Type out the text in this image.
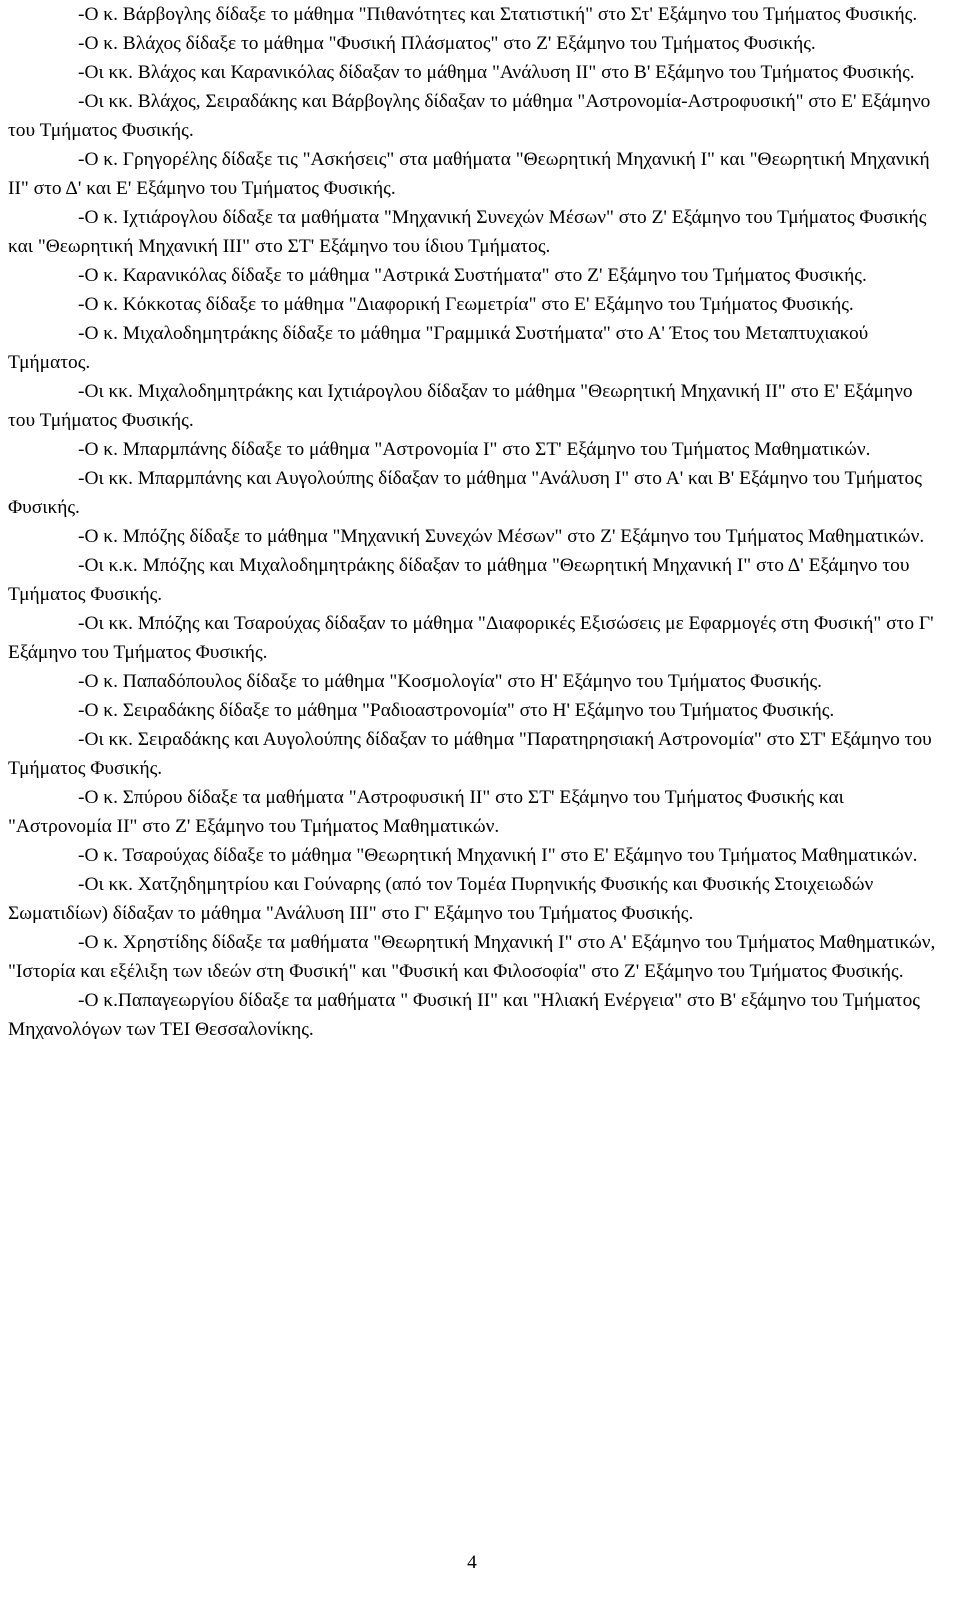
-Ο κ. Βάρβογλης δίδαξε το μάθημα "Πιθανότητες και Στατιστική" στο Στ' Εξάμηνο του Τμήματος Φυσικής.

-Ο κ. Βλάχος δίδαξε το μάθημα "Φυσική Πλάσματος" στο Ζ' Εξάμηνο του Τμήματος Φυσικής.

-Οι κκ. Βλάχος και Καρανικόλας δίδαξαν το μάθημα "Ανάλυση ΙΙ" στο Β' Εξάμηνο του Τμήματος Φυσικής.

-Οι κκ. Βλάχος, Σειραδάκης και Βάρβογλης δίδαξαν το μάθημα "Αστρονομία-Αστροφυσική" στο Ε' Εξάμηνο του Τμήματος Φυσικής.

-Ο κ. Γρηγορέλης δίδαξε τις "Ασκήσεις" στα μαθήματα "Θεωρητική Μηχανική Ι" και "Θεωρητική Μηχανική ΙΙ" στο Δ' και Ε' Εξάμηνο του Τμήματος Φυσικής.

-Ο κ. Ιχτιάρογλου δίδαξε τα μαθήματα "Μηχανική Συνεχών Μέσων" στο Ζ' Εξάμηνο του Τμήματος Φυσικής και "Θεωρητική Μηχανική ΙΙΙ" στο ΣΤ' Εξάμηνο του ίδιου Τμήματος.

-Ο κ. Καρανικόλας δίδαξε το μάθημα "Αστρικά Συστήματα" στο Ζ' Εξάμηνο του Τμήματος Φυσικής.

-Ο κ. Κόκκοτας δίδαξε το μάθημα "Διαφορική Γεωμετρία" στο Ε' Εξάμηνο του Τμήματος Φυσικής.

-Ο κ. Μιχαλοδημητράκης δίδαξε το μάθημα "Γραμμικά Συστήματα" στο Α' Έτος του Μεταπτυχιακού Τμήματος.

-Οι κκ. Μιχαλοδημητράκης και Ιχτιάρογλου δίδαξαν το μάθημα "Θεωρητική Μηχανική ΙΙ" στο Ε' Εξάμηνο του Τμήματος Φυσικής.

-Ο κ. Μπαρμπάνης δίδαξε το μάθημα "Αστρονομία Ι" στο ΣΤ' Εξάμηνο του Τμήματος Μαθηματικών.

-Οι κκ. Μπαρμπάνης και Αυγολούπης δίδαξαν το μάθημα "Ανάλυση Ι" στο Α' και Β' Εξάμηνο του Τμήματος Φυσικής.

-Ο κ. Μπόζης δίδαξε το μάθημα "Μηχανική Συνεχών Μέσων" στο Ζ' Εξάμηνο του Τμήματος Μαθηματικών.

-Οι κ.κ. Μπόζης και Μιχαλοδημητράκης δίδαξαν το μάθημα "Θεωρητική Μηχανική Ι" στο Δ' Εξάμηνο του Τμήματος Φυσικής.

-Οι κκ. Μπόζης και Τσαρούχας δίδαξαν το μάθημα "Διαφορικές Εξισώσεις με Εφαρμογές στη Φυσική" στο Γ' Εξάμηνο του Τμήματος Φυσικής.

-Ο κ. Παπαδόπουλος δίδαξε το μάθημα "Κοσμολογία" στο Η' Εξάμηνο του Τμήματος Φυσικής.

-Ο κ. Σειραδάκης δίδαξε το μάθημα "Ραδιοαστρονομία" στο Η' Εξάμηνο του Τμήματος Φυσικής.

-Οι κκ. Σειραδάκης και Αυγολούπης δίδαξαν το μάθημα "Παρατηρησιακή Αστρονομία" στο ΣΤ' Εξάμηνο του Τμήματος Φυσικής.

-Ο κ. Σπύρου δίδαξε τα μαθήματα "Αστροφυσική ΙΙ" στο ΣΤ' Εξάμηνο του Τμήματος Φυσικής και "Αστρονομία ΙΙ" στο Ζ' Εξάμηνο του Τμήματος Μαθηματικών.

-Ο κ. Τσαρούχας δίδαξε το μάθημα "Θεωρητική Μηχανική Ι" στο Ε' Εξάμηνο του Τμήματος Μαθηματικών.

-Οι κκ. Χατζηδημητρίου και Γούναρης (από τον Τομέα Πυρηνικής Φυσικής και Φυσικής Στοιχειωδών Σωματιδίων) δίδαξαν το μάθημα "Ανάλυση ΙΙΙ" στο Γ' Εξάμηνο του Τμήματος Φυσικής.

-Ο κ. Χρηστίδης δίδαξε τα μαθήματα "Θεωρητική Μηχανική Ι" στο Α' Εξάμηνο του Τμήματος Μαθηματικών, "Ιστορία και εξέλιξη των ιδεών στη Φυσική" και "Φυσική και Φιλοσοφία" στο Ζ' Εξάμηνο του Τμήματος Φυσικής.

-Ο κ.Παπαγεωργίου δίδαξε τα μαθήματα " Φυσική ΙΙ" και "Ηλιακή Ενέργεια" στο Β' εξάμηνο του Τμήματος Μηχανολόγων των ΤΕΙ Θεσσαλονίκης.

4
